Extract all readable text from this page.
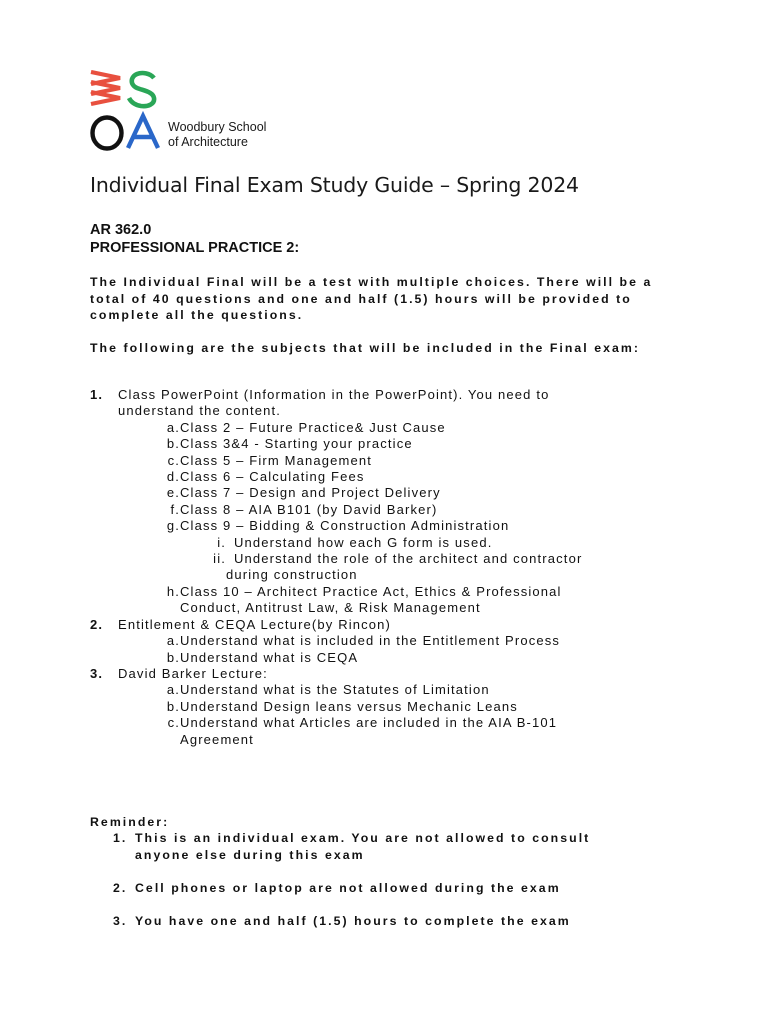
Woodbury School
of Architecture
Individual Final Exam Study Guide – Spring 2024
AR 362.0
PROFESSIONAL PRACTICE 2:
The Individual Final will be a test with multiple choices. There will be a total of 40 questions and one and half (1.5) hours will be provided to complete all the questions.
The following are the subjects that will be included in the Final exam:
1.	Class PowerPoint (Information in the PowerPoint). You need to
understand the content.
a. Class 2 – Future Practice& Just Cause
b. Class 3&4 - Starting your practice
c. Class 5 – Firm Management
d. Class 6 – Calculating Fees
e. Class 7 – Design and Project Delivery
f. Class 8 – AIA B101 (by David Barker)
g. Class 9 – Bidding & Construction Administration
i. Understand how each G form is used.
ii. Understand the role of the architect and contractor
during construction
h. Class 10 – Architect Practice Act, Ethics & Professional
Conduct, Antitrust Law, & Risk Management
2.	Entitlement & CEQA Lecture(by Rincon)
a. Understand what is included in the Entitlement Process
b. Understand what is CEQA
3.	David Barker Lecture:
a. Understand what is the Statutes of Limitation
b. Understand Design leans versus Mechanic Leans
c. Understand what Articles are included in the AIA B-101
Agreement
Reminder:
1. This is an individual exam. You are not allowed to consult
anyone else during this exam
2. Cell phones or laptop are not allowed during the exam
3. You have one and half (1.5) hours to complete the exam
